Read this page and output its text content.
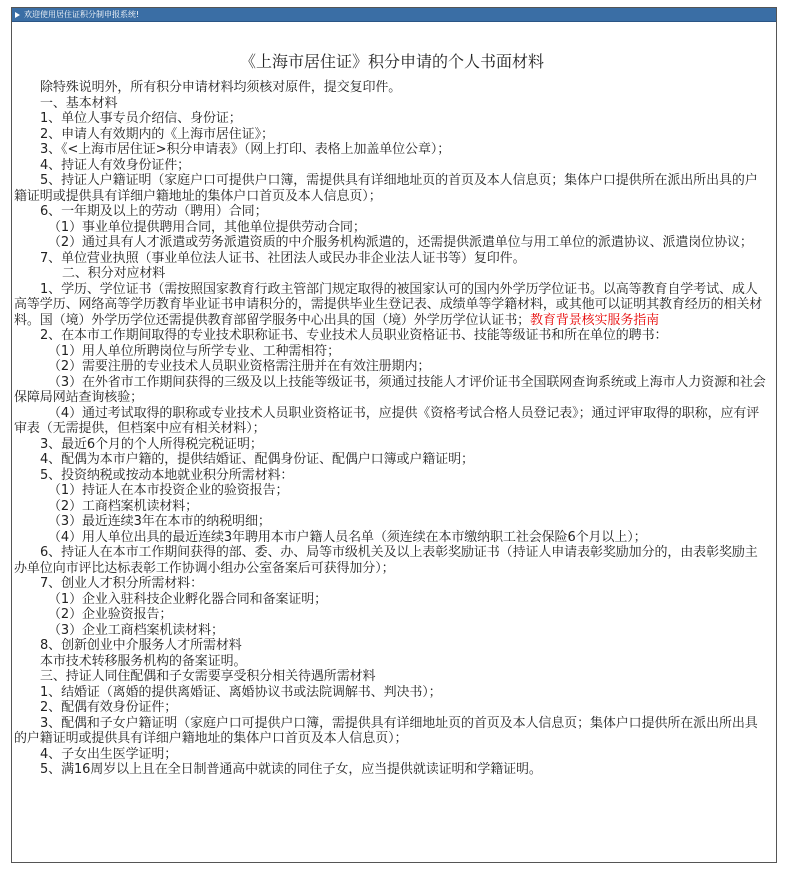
欢迎使用居住证积分制申报系统!
《上海市居住证》积分申请的个人书面材料

除特殊说明外，所有积分申请材料均须核对原件，提交复印件。

一、基本材料

1、单位人事专员介绍信、身份证；

2、申请人有效期内的《上海市居住证》；

3、《<上海市居住证>积分申请表》（网上打印、表格上加盖单位公章）；

4、持证人有效身份证件；

5、持证人户籍证明（家庭户口可提供户口簿，需提供具有详细地址页的首页及本人信息页；集体户口提供所在派出所出具的户籍证明或提供具有详细户籍地址的集体户口首页及本人信息页）；

6、一年期及以上的劳动（聘用）合同；

（1）事业单位提供聘用合同，其他单位提供劳动合同；

（2）通过具有人才派遣或劳务派遣资质的中介服务机构派遣的，还需提供派遣单位与用工单位的派遣协议、派遣岗位协议；

7、单位营业执照（事业单位法人证书、社团法人或民办非企业法人证书等）复印件。

二、积分对应材料

1、学历、学位证书（需按照国家教育行政主管部门规定取得的被国家认可的国内外学历学位证书。以高等教育自学考试、成人高等学历、网络高等学历教育毕业证书申请积分的，需提供毕业生登记表、成绩单等学籍材料，或其他可以证明其教育经历的相关材料。国（境）外学历学位还需提供教育部留学服务中心出具的国（境）外学历学位认证书；教育背景核实服务指南

2、在本市工作期间取得的专业技术职称证书、专业技术人员职业资格证书、技能等级证书和所在单位的聘书：

（1）用人单位所聘岗位与所学专业、工种需相符；

（2）需要注册的专业技术人员职业资格需注册并在有效注册期内；

（3）在外省市工作期间获得的三级及以上技能等级证书，须通过技能人才评价证书全国联网查询系统或上海市人力资源和社会保障局网站查询核验；

（4）通过考试取得的职称或专业技术人员职业资格证书，应提供《资格考试合格人员登记表》；通过评审取得的职称，应有评审表（无需提供，但档案中应有相关材料）；

3、最近6个月的个人所得税完税证明；

4、配偶为本市户籍的，提供结婚证、配偶身份证、配偶户口簿或户籍证明；

5、投资纳税或按动本地就业积分所需材料：

（1）持证人在本市投资企业的验资报告；

（2）工商档案机读材料；

（3）最近连续3年在本市的纳税明细；

（4）用人单位出具的最近连续3年聘用本市户籍人员名单（须连续在本市缴纳职工社会保险6个月以上）；

6、持证人在本市工作期间获得的部、委、办、局等市级机关及以上表彰奖励证书（持证人申请表彰奖励加分的，由表彰奖励主办单位向市评比达标表彰工作协调小组办公室备案后可获得加分）；

7、创业人才积分所需材料：

（1）企业入驻科技企业孵化器合同和备案证明；

（2）企业验资报告；

（3）企业工商档案机读材料；

8、创新创业中介服务人才所需材料

本市技术转移服务机构的备案证明。

三、持证人同住配偶和子女需要享受积分相关待遇所需材料

1、结婚证（离婚的提供离婚证、离婚协议书或法院调解书、判决书）；

2、配偶有效身份证件；

3、配偶和子女户籍证明（家庭户口可提供户口簿，需提供具有详细地址页的首页及本人信息页；集体户口提供所在派出所出具的户籍证明或提供具有详细户籍地址的集体户口首页及本人信息页）；

4、子女出生医学证明；

5、满16周岁以上且在全日制普通高中就读的同住子女，应当提供就读证明和学籍证明。
